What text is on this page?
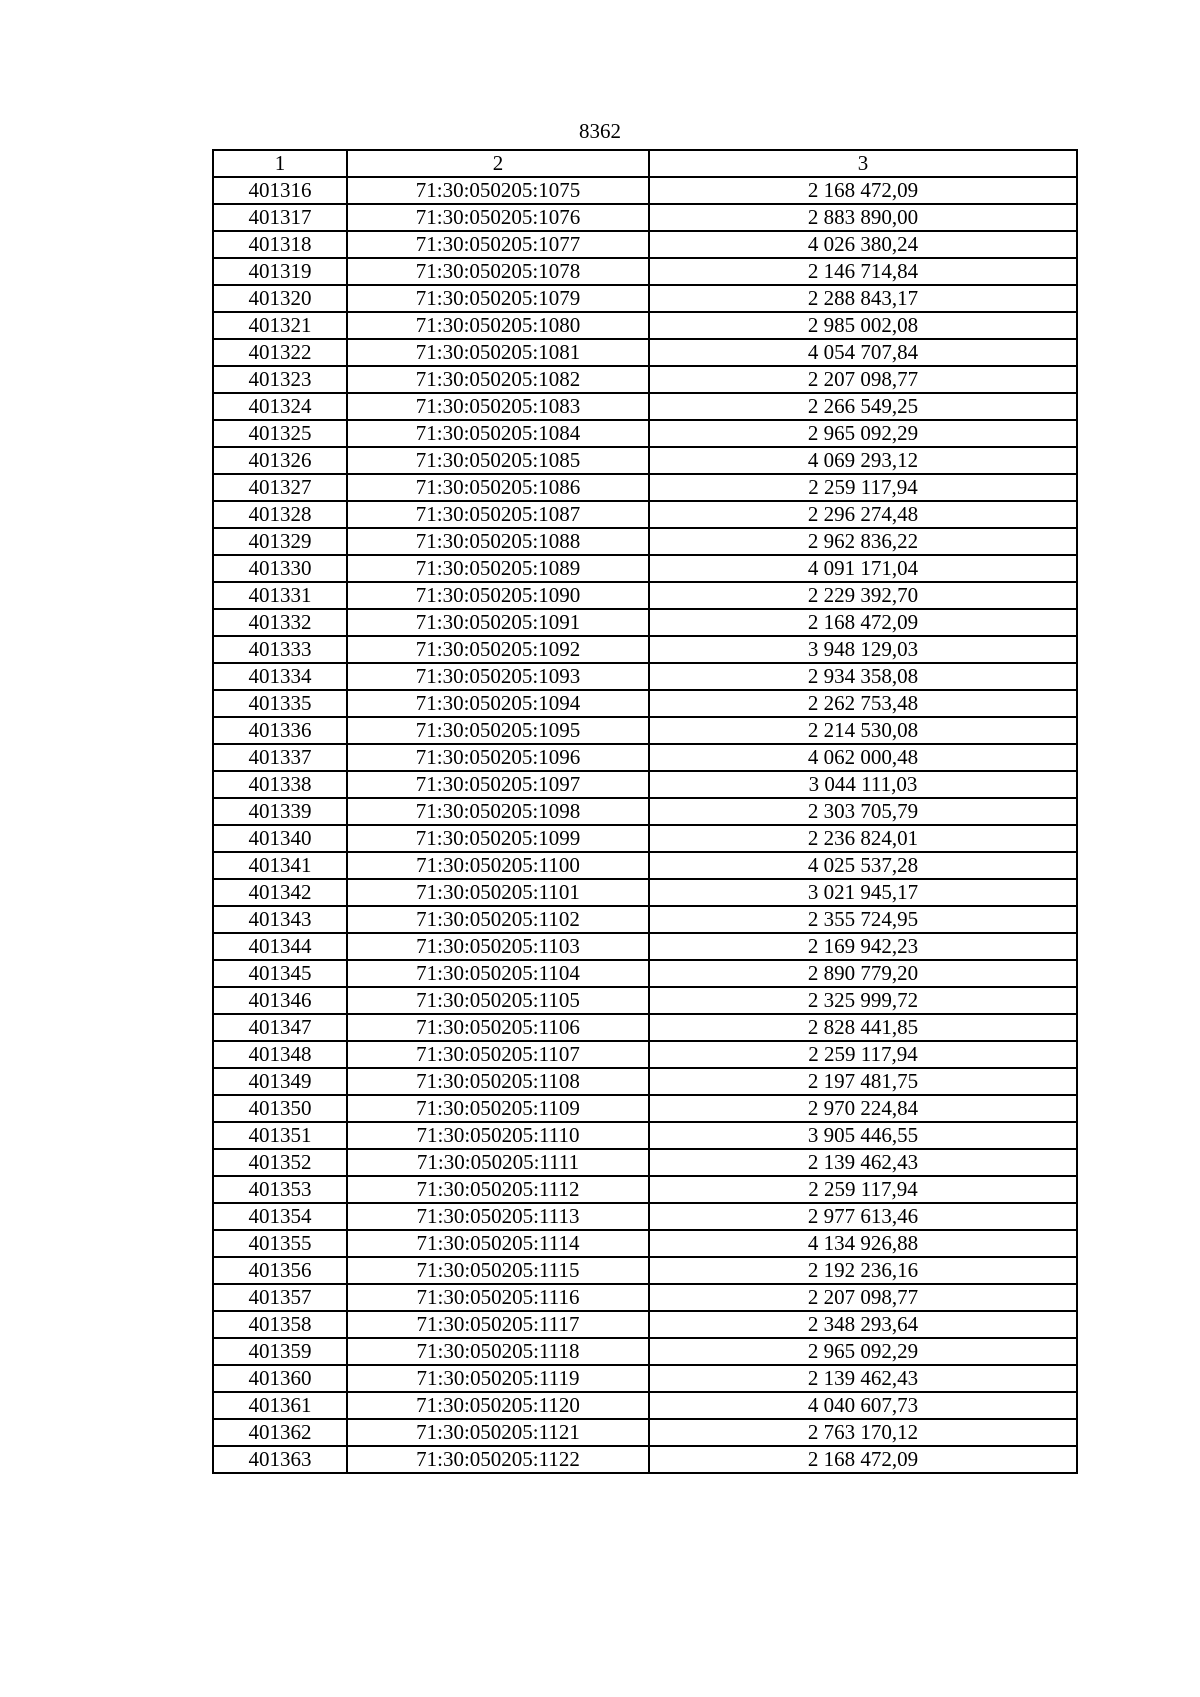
8362
1	2	3
401316	71:30:050205:1075	2 168 472,09
401317	71:30:050205:1076	2 883 890,00
401318	71:30:050205:1077	4 026 380,24
401319	71:30:050205:1078	2 146 714,84
401320	71:30:050205:1079	2 288 843,17
401321	71:30:050205:1080	2 985 002,08
401322	71:30:050205:1081	4 054 707,84
401323	71:30:050205:1082	2 207 098,77
401324	71:30:050205:1083	2 266 549,25
401325	71:30:050205:1084	2 965 092,29
401326	71:30:050205:1085	4 069 293,12
401327	71:30:050205:1086	2 259 117,94
401328	71:30:050205:1087	2 296 274,48
401329	71:30:050205:1088	2 962 836,22
401330	71:30:050205:1089	4 091 171,04
401331	71:30:050205:1090	2 229 392,70
401332	71:30:050205:1091	2 168 472,09
401333	71:30:050205:1092	3 948 129,03
401334	71:30:050205:1093	2 934 358,08
401335	71:30:050205:1094	2 262 753,48
401336	71:30:050205:1095	2 214 530,08
401337	71:30:050205:1096	4 062 000,48
401338	71:30:050205:1097	3 044 111,03
401339	71:30:050205:1098	2 303 705,79
401340	71:30:050205:1099	2 236 824,01
401341	71:30:050205:1100	4 025 537,28
401342	71:30:050205:1101	3 021 945,17
401343	71:30:050205:1102	2 355 724,95
401344	71:30:050205:1103	2 169 942,23
401345	71:30:050205:1104	2 890 779,20
401346	71:30:050205:1105	2 325 999,72
401347	71:30:050205:1106	2 828 441,85
401348	71:30:050205:1107	2 259 117,94
401349	71:30:050205:1108	2 197 481,75
401350	71:30:050205:1109	2 970 224,84
401351	71:30:050205:1110	3 905 446,55
401352	71:30:050205:1111	2 139 462,43
401353	71:30:050205:1112	2 259 117,94
401354	71:30:050205:1113	2 977 613,46
401355	71:30:050205:1114	4 134 926,88
401356	71:30:050205:1115	2 192 236,16
401357	71:30:050205:1116	2 207 098,77
401358	71:30:050205:1117	2 348 293,64
401359	71:30:050205:1118	2 965 092,29
401360	71:30:050205:1119	2 139 462,43
401361	71:30:050205:1120	4 040 607,73
401362	71:30:050205:1121	2 763 170,12
401363	71:30:050205:1122	2 168 472,09
